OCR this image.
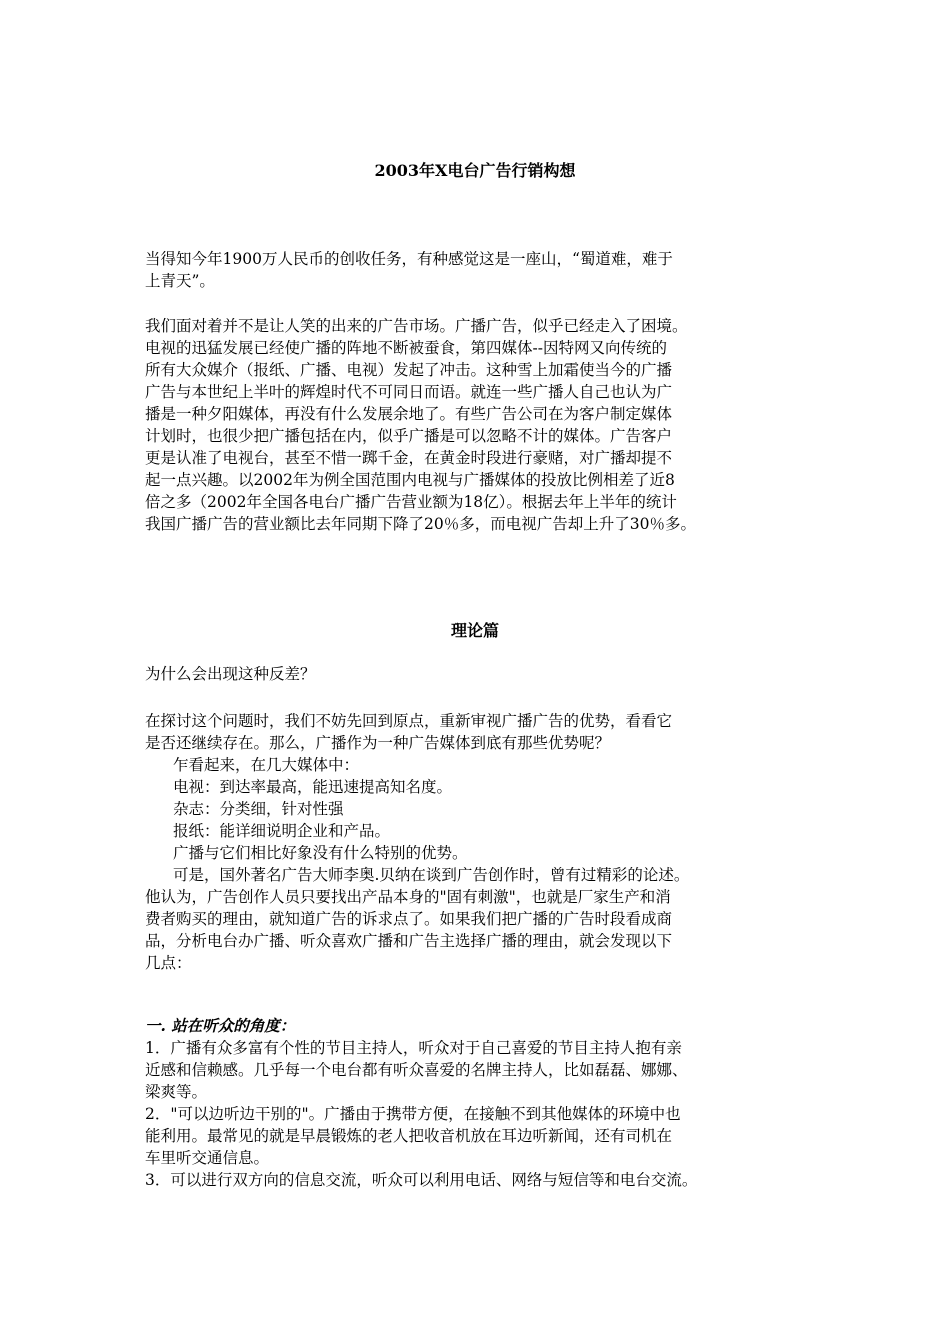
2003年X电台广告行销构想
当得知今年1900万人民币的创收任务，有种感觉这是一座山，“蜀道难，难于
上青天”。
我们面对着并不是让人笑的出来的广告市场。广播广告，似乎已经走入了困境。
电视的迅猛发展已经使广播的阵地不断被蚕食，第四媒体--因特网又向传统的
所有大众媒介（报纸、广播、电视）发起了冲击。这种雪上加霜使当今的广播
广告与本世纪上半叶的辉煌时代不可同日而语。就连一些广播人自己也认为广
播是一种夕阳媒体，再没有什么发展余地了。有些广告公司在为客户制定媒体
计划时，也很少把广播包括在内，似乎广播是可以忽略不计的媒体。广告客户
更是认准了电视台，甚至不惜一踯千金，在黄金时段进行豪赌，对广播却提不
起一点兴趣。以2002年为例全国范围内电视与广播媒体的投放比例相差了近8
倍之多（2002年全国各电台广播广告营业额为18亿）。根据去年上半年的统计
我国广播广告的营业额比去年同期下降了20％多，而电视广告却上升了30％多。
理论篇
为什么会出现这种反差？
在探讨这个问题时，我们不妨先回到原点，重新审视广播广告的优势，看看它
是否还继续存在。那么，广播作为一种广告媒体到底有那些优势呢？
乍看起来，在几大媒体中：
电视：到达率最高，能迅速提高知名度。
杂志：分类细，针对性强
报纸：能详细说明企业和产品。
广播与它们相比好象没有什么特别的优势。
可是，国外著名广告大师李奥.贝纳在谈到广告创作时，曾有过精彩的论述。
他认为，广告创作人员只要找出产品本身的"固有刺激"，也就是厂家生产和消
费者购买的理由，就知道广告的诉求点了。如果我们把广播的广告时段看成商
品，分析电台办广播、听众喜欢广播和广告主选择广播的理由，就会发现以下
几点：
一. 站在听众的角度：
1．广播有众多富有个性的节目主持人，听众对于自己喜爱的节目主持人抱有亲
近感和信赖感。几乎每一个电台都有听众喜爱的名牌主持人，比如磊磊、娜娜、
梁爽等。
2．"可以边听边干别的"。广播由于携带方便，在接触不到其他媒体的环境中也
能利用。最常见的就是早晨锻炼的老人把收音机放在耳边听新闻，还有司机在
车里听交通信息。
3．可以进行双方向的信息交流，听众可以利用电话、网络与短信等和电台交流。
